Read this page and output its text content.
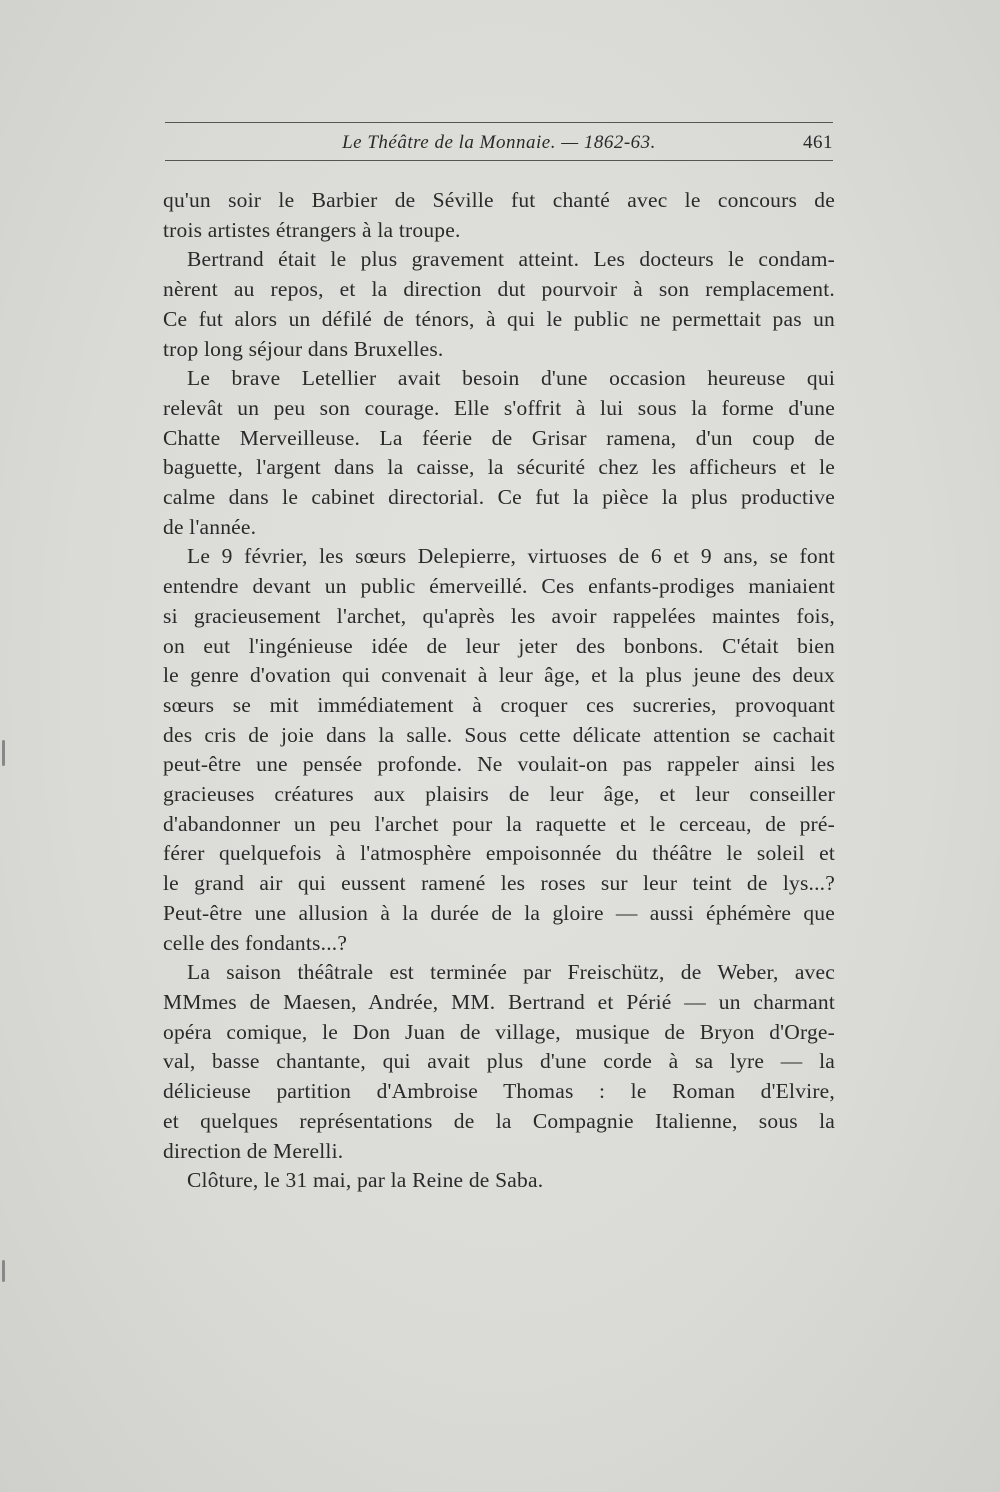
Le Théâtre de la Monnaie. — 1862-63.	461
qu'un soir le Barbier de Séville fut chanté avec le concours de
trois artistes étrangers à la troupe.
Bertrand était le plus gravement atteint. Les docteurs le condam-
nèrent au repos, et la direction dut pourvoir à son remplacement.
Ce fut alors un défilé de ténors, à qui le public ne permettait pas un
trop long séjour dans Bruxelles.
Le brave Letellier avait besoin d'une occasion heureuse qui
relevât un peu son courage. Elle s'offrit à lui sous la forme d'une
Chatte Merveilleuse. La féerie de Grisar ramena, d'un coup de
baguette, l'argent dans la caisse, la sécurité chez les afficheurs et le
calme dans le cabinet directorial. Ce fut la pièce la plus productive
de l'année.
Le 9 février, les sœurs Delepierre, virtuoses de 6 et 9 ans, se font
entendre devant un public émerveillé. Ces enfants-prodiges maniaient
si gracieusement l'archet, qu'après les avoir rappelées maintes fois,
on eut l'ingénieuse idée de leur jeter des bonbons. C'était bien
le genre d'ovation qui convenait à leur âge, et la plus jeune des deux
sœurs se mit immédiatement à croquer ces sucreries, provoquant
des cris de joie dans la salle. Sous cette délicate attention se cachait
peut-être une pensée profonde. Ne voulait-on pas rappeler ainsi les
gracieuses créatures aux plaisirs de leur âge, et leur conseiller
d'abandonner un peu l'archet pour la raquette et le cerceau, de pré-
férer quelquefois à l'atmosphère empoisonnée du théâtre le soleil et
le grand air qui eussent ramené les roses sur leur teint de lys...?
Peut-être une allusion à la durée de la gloire — aussi éphémère que
celle des fondants...?
La saison théâtrale est terminée par Freischütz, de Weber, avec
MMmes de Maesen, Andrée, MM. Bertrand et Périé — un charmant
opéra comique, le Don Juan de village, musique de Bryon d'Orge-
val, basse chantante, qui avait plus d'une corde à sa lyre — la
délicieuse partition d'Ambroise Thomas : le Roman d'Elvire,
et quelques représentations de la Compagnie Italienne, sous la
direction de Merelli.
Clôture, le 31 mai, par la Reine de Saba.
